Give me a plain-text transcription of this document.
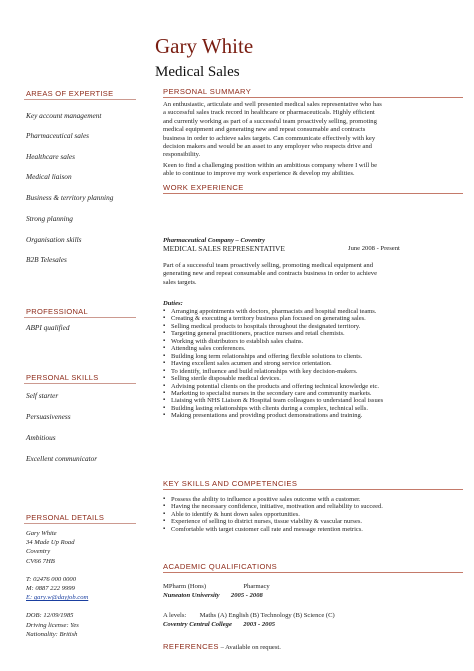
AREAS OF EXPERTISE
Key account management
Pharmaceutical sales
Healthcare sales
Medical liaison
Business & territory planning
Strong planning
Organisation skills
B2B Telesales
PROFESSIONAL
ABPI qualified
PERSONAL SKILLS
Self starter
Persuasiveness
Ambitious
Excellent communicator
PERSONAL DETAILS
Gary White
34 Made Up Road
Coventry
CV66 7HB
T: 02476 000 0000
M: 0887 222 9999
E: gary.w@dayjob.com
DOB: 12/09/1985
Driving license: Yes
Nationality: British
Gary White
Medical Sales
PERSONAL SUMMARY
An enthusiastic, articulate and well presented medical sales representative who has
a successful sales track record in healthcare or pharmaceuticals. Highly efficient
and currently working as part of a successful team proactively selling, promoting
medical equipment and generating new and repeat consumable and contracts
business in order to achieve sales targets. Can communicate effectively with key
decision makers and would be an asset to any employer who respects drive and
responsibility.
Keen to find a challenging position within an ambitious company where I will be
able to continue to improve my work experience & develop my abilities.
WORK EXPERIENCE
Pharmaceutical Company – Coventry
MEDICAL SALES REPRESENTATIVE	June 2008 - Present
Part of a successful team proactively selling, promoting medical equipment and
generating new and repeat consumable and contracts business in order to achieve
sales targets.
Duties:
▪ Arranging appointments with doctors, pharmacists and hospital medical teams.
▪ Creating & executing a territory business plan focused on generating sales.
▪ Selling medical products to hospitals throughout the designated territory.
▪ Targeting general practitioners, practice nurses and retail chemists.
▪ Working with distributors to establish sales chains.
▪ Attending sales conferences.
▪ Building long term relationships and offering flexible solutions to clients.
▪ Having excellent sales acumen and strong service orientation.
▪ To identify, influence and build relationships with key decision-makers.
▪ Selling sterile disposable medical devices.
▪ Advising potential clients on the products and offering technical knowledge etc.
▪ Marketing to specialist nurses in the secondary care and community markets.
▪ Liaising with NHS Liaison & Hospital team colleagues to understand local issues
▪ Building lasting relationships with clients during a complex, technical sells.
▪ Making presentations and providing product demonstrations and training.
KEY SKILLS AND COMPETENCIES
▪ Possess the ability to influence a positive sales outcome with a customer.
▪ Having the necessary confidence, initiative, motivation and reliability to succeed.
▪ Able to identify & hunt down sales opportunities.
▪ Experience of selling to district nurses, tissue viability & vascular nurses.
▪ Comfortable with target customer call rate and message retention metrics.
ACADEMIC QUALIFICATIONS
MPharm (Hons)	Pharmacy
Nuneaton University 2005 - 2008
A levels: Maths (A) English (B) Technology (B) Science (C)
Coventry Central College 2003 - 2005
REFERENCES – Available on request.
